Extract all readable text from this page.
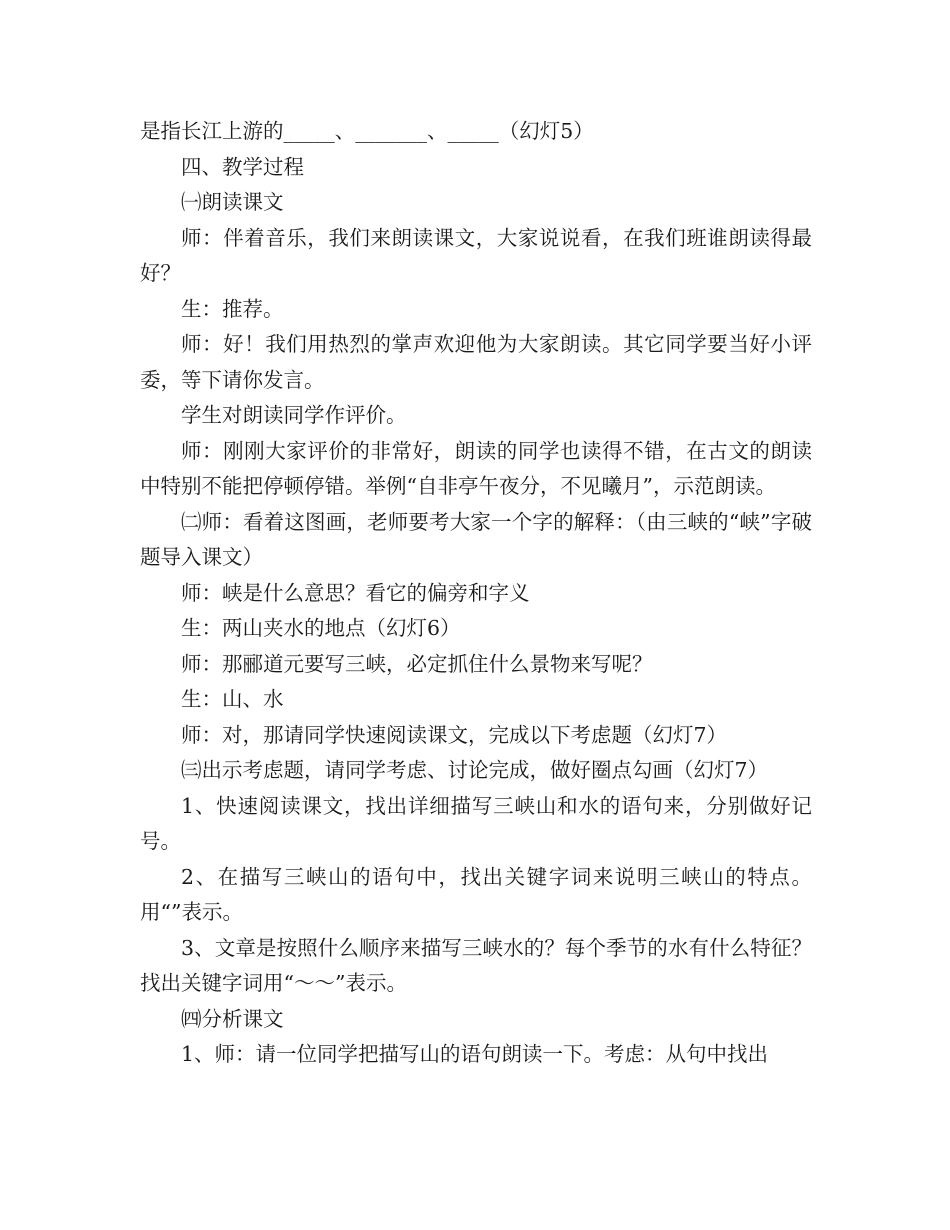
是指长江上游的_____、_______、_____（幻灯5）

四、教学过程

㈠朗读课文

师：伴着音乐，我们来朗读课文，大家说说看，在我们班谁朗读得最好？

生：推荐。

师：好！我们用热烈的掌声欢迎他为大家朗读。其它同学要当好小评委，等下请你发言。

学生对朗读同学作评价。

师：刚刚大家评价的非常好，朗读的同学也读得不错，在古文的朗读中特别不能把停顿停错。举例“自非亭午夜分，不见曦月”，示范朗读。

㈡师：看着这图画，老师要考大家一个字的解释：（由三峡的“峡”字破题导入课文）

师：峡是什么意思？看它的偏旁和字义

生：两山夹水的地点（幻灯6）

师：那郦道元要写三峡，必定抓住什么景物来写呢？

生：山、水

师：对，那请同学快速阅读课文，完成以下考虑题（幻灯7）

㈢出示考虑题，请同学考虑、讨论完成，做好圈点勾画（幻灯7）

1、快速阅读课文，找出详细描写三峡山和水的语句来，分别做好记号。

2、在描写三峡山的语句中，找出关键字词来说明三峡山的特点。用“”表示。

3、文章是按照什么顺序来描写三峡水的？每个季节的水有什么特征？找出关键字词用“～～”表示。

㈣分析课文

1、师：请一位同学把描写山的语句朗读一下。考虑：从句中找出
